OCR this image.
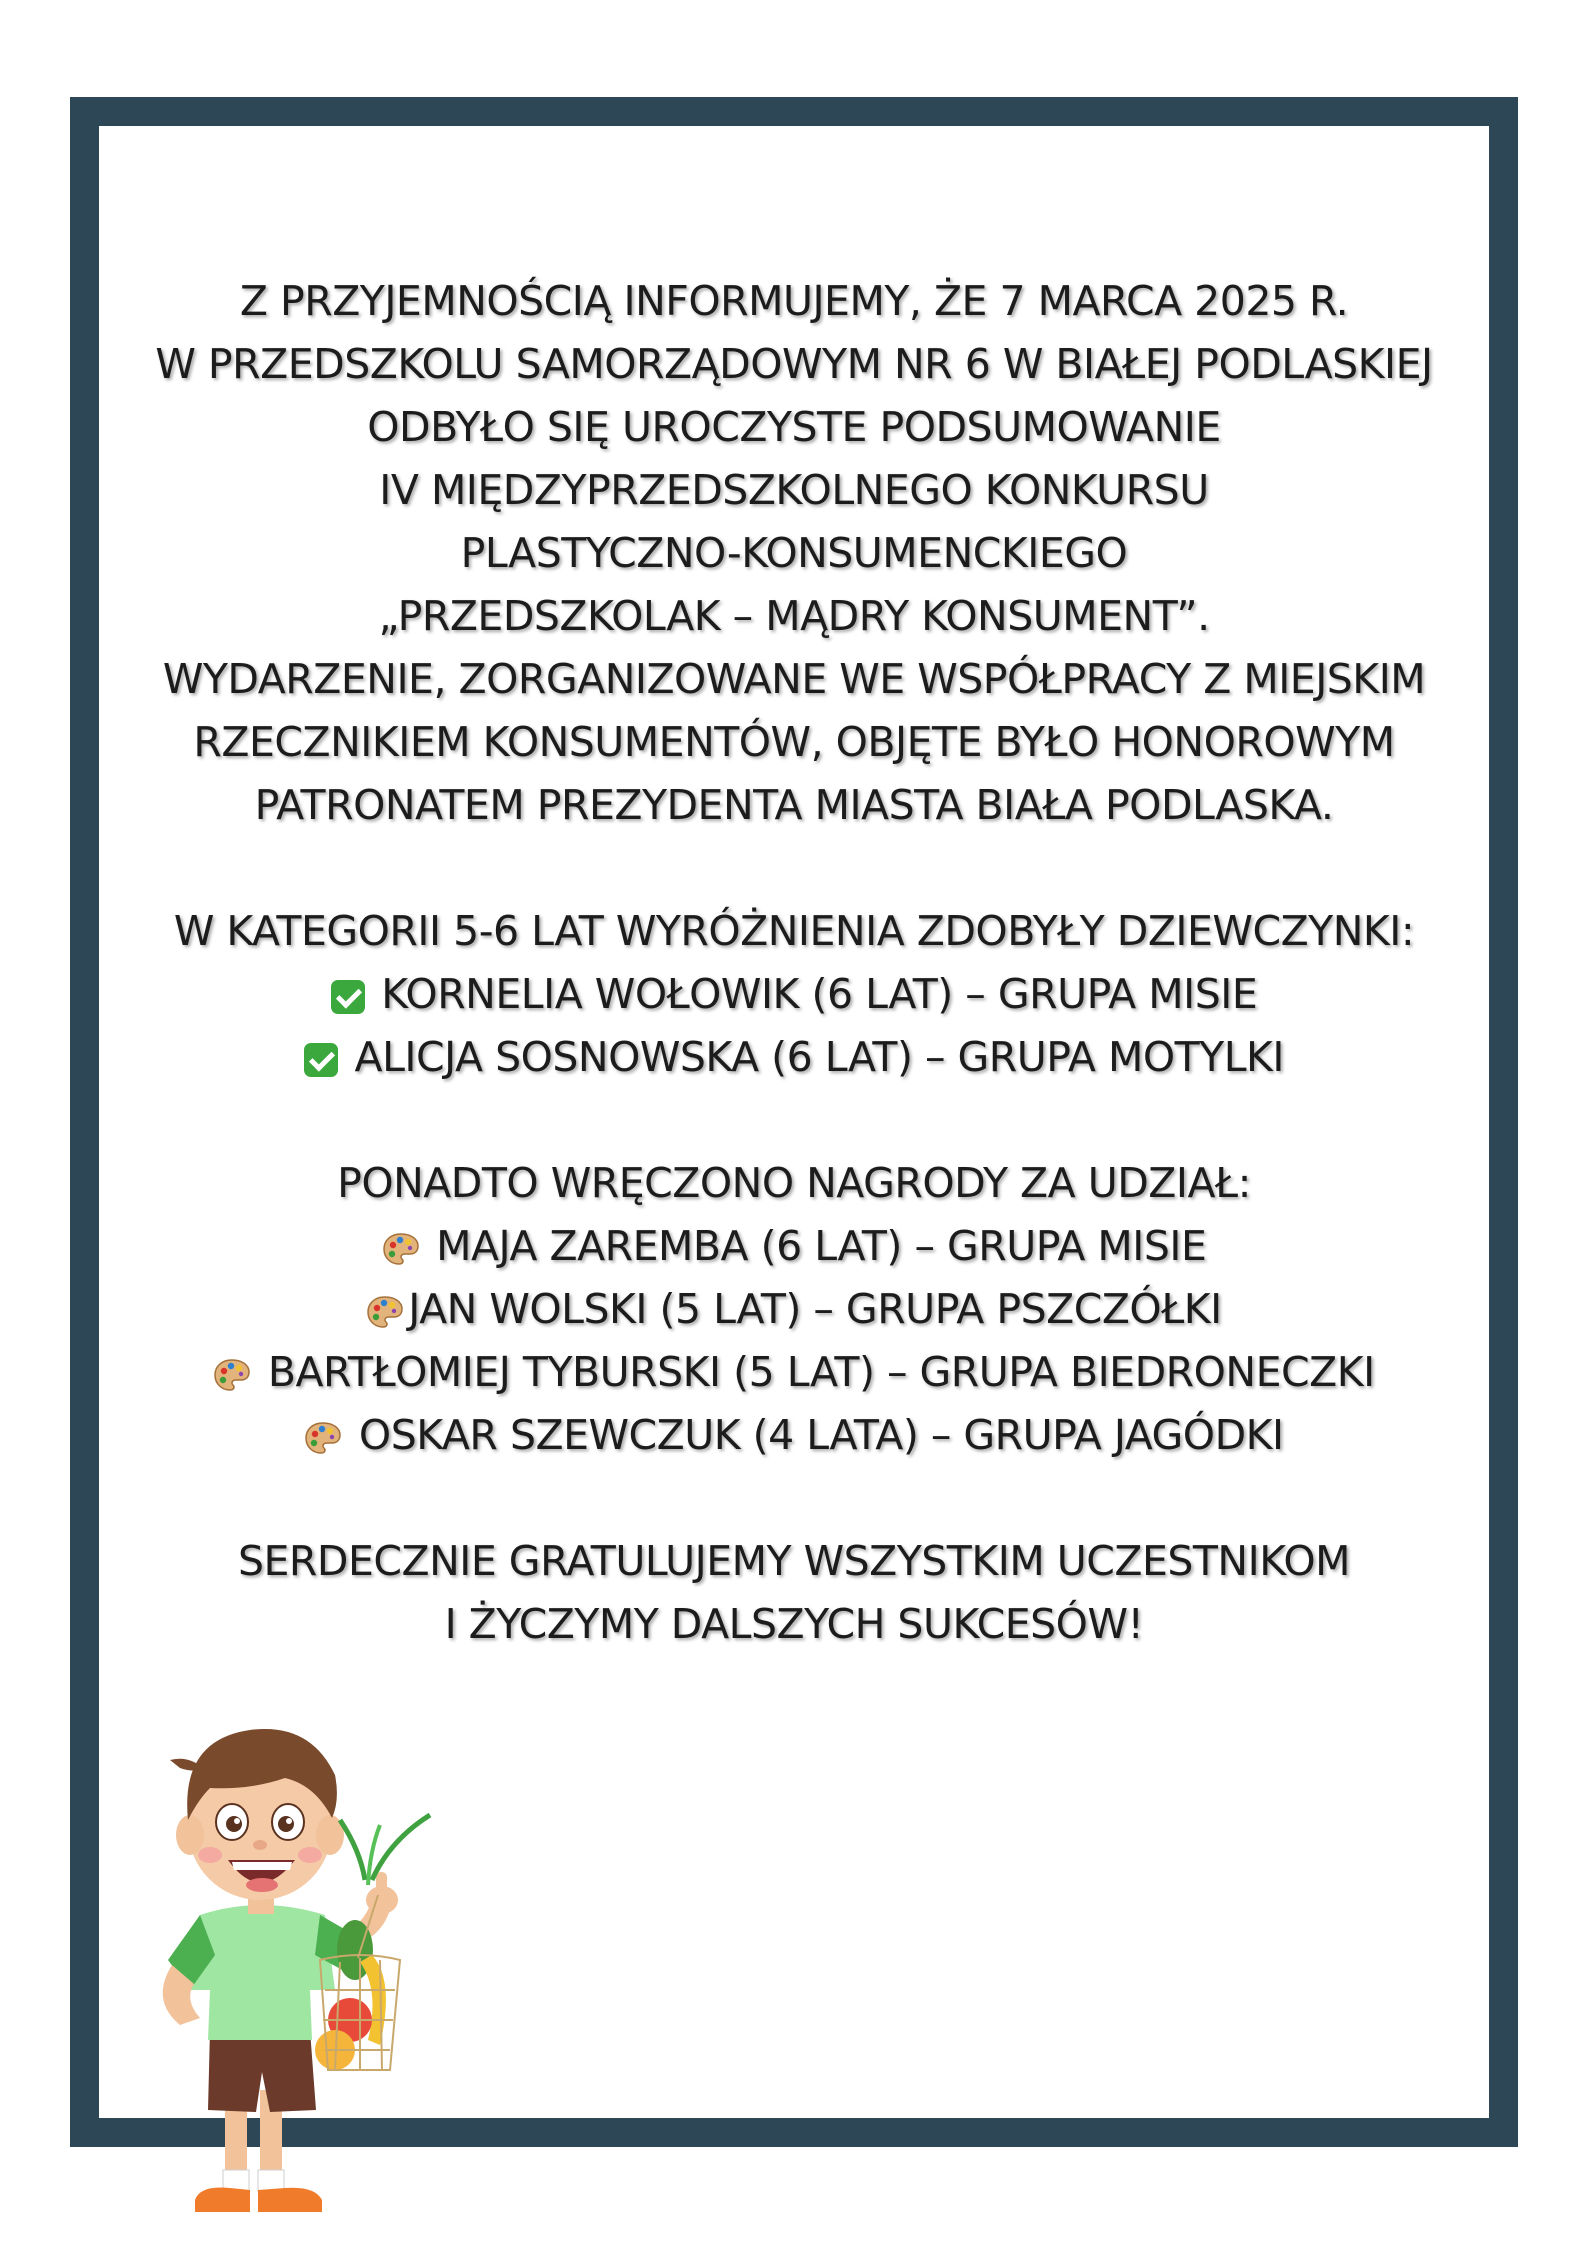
Z PRZYJEMNOŚCIĄ INFORMUJEMY, ŻE 7 MARCA 2025 R.
W PRZEDSZKOLU SAMORZĄDOWYM NR 6 W BIAŁEJ PODLASKIEJ
ODBYŁO SIĘ UROCZYSTE PODSUMOWANIE
IV MIĘDZYPRZEDSZKOLNEGO KONKURSU
PLASTYCZNO-KONSUMENCKIEGO
„PRZEDSZKOLAK – MĄDRY KONSUMENT”.
WYDARZENIE, ZORGANIZOWANE WE WSPÓŁPRACY Z MIEJSKIM
RZECZNIKIEM KONSUMENTÓW, OBJĘTE BYŁO HONOROWYM
PATRONATEM PREZYDENTA MIASTA BIAŁA PODLASKA.
W KATEGORII 5-6 LAT WYRÓŻNIENIA ZDOBYŁY DZIEWCZYNKI:
KORNELIA WOŁOWIK (6 LAT) – GRUPA MISIE
ALICJA SOSNOWSKA (6 LAT) – GRUPA MOTYLKI
PONADTO WRĘCZONO NAGRODY ZA UDZIAŁ:
MAJA ZAREMBA (6 LAT) – GRUPA MISIE
JAN WOLSKI (5 LAT) – GRUPA PSZCZÓŁKI
BARTŁOMIEJ TYBURSKI (5 LAT) – GRUPA BIEDRONECZKI
OSKAR SZEWCZUK (4 LATA) – GRUPA JAGÓDKI
SERDECZNIE GRATULUJEMY WSZYSTKIM UCZESTNIKOM
I ŻYCZYMY DALSZYCH SUKCESÓW!
